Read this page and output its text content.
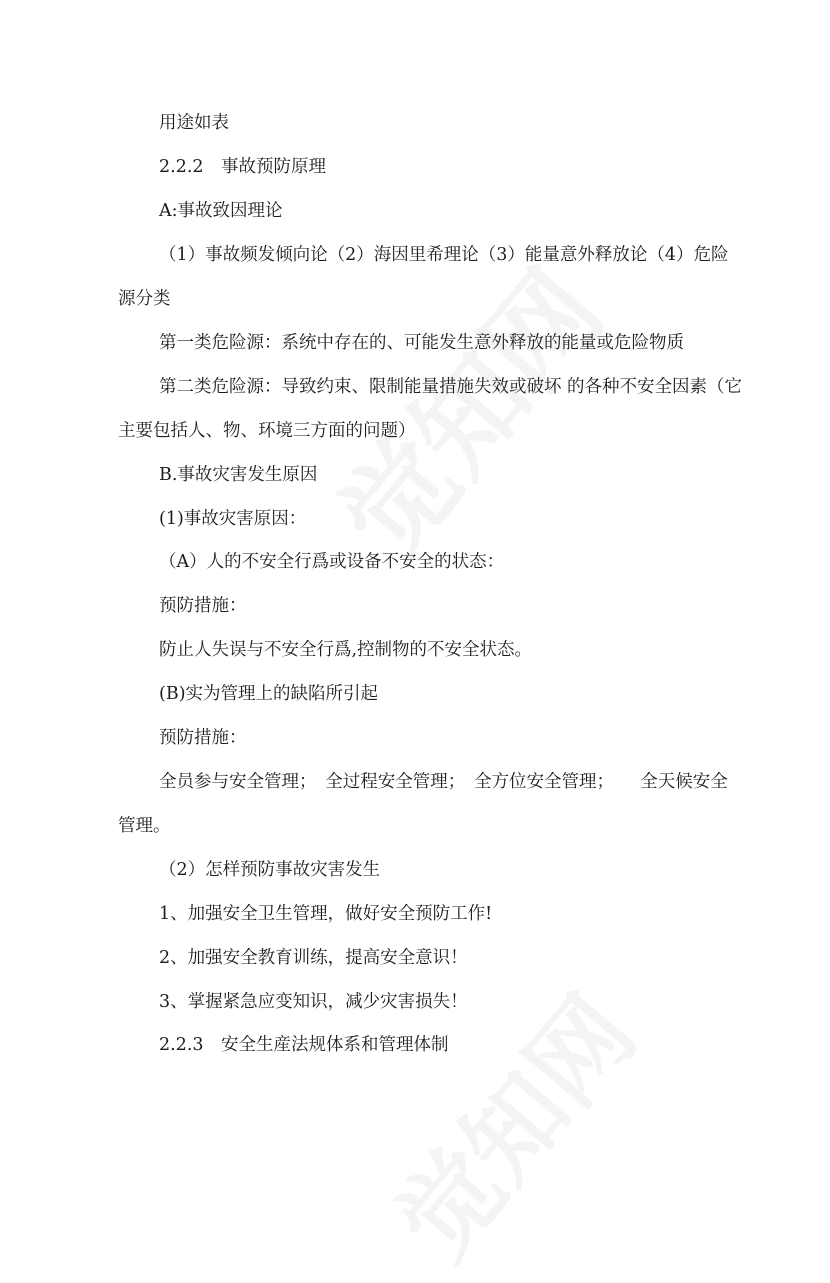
用途如表
2.2.2　事故预防原理
A:事故致因理论
（1）事故频发倾向论（2）海因里希理论（3）能量意外释放论（4）危险
源分类
第一类危险源：系统中存在的、可能发生意外释放的能量或危险物质
第二类危险源：导致约束、限制能量措施失效或破坏 的各种不安全因素（它
主要包括人、物、环境三方面的问题）
B.事故灾害发生原因
(1)事故灾害原因：
（A）人的不安全行爲或设备不安全的状态：
预防措施：
防止人失误与不安全行爲,控制物的不安全状态。
(B)实为管理上的缺陷所引起
预防措施：
全员参与安全管理；　全过程安全管理；　全方位安全管理；　　全天候安全
管理。
（2）怎样预防事故灾害发生
1、加强安全卫生管理，做好安全预防工作!
2、加强安全教育训练，提高安全意识！
3、掌握紧急应变知识，减少灾害损失！
2.2.3　安全生産法规体系和管理体制
